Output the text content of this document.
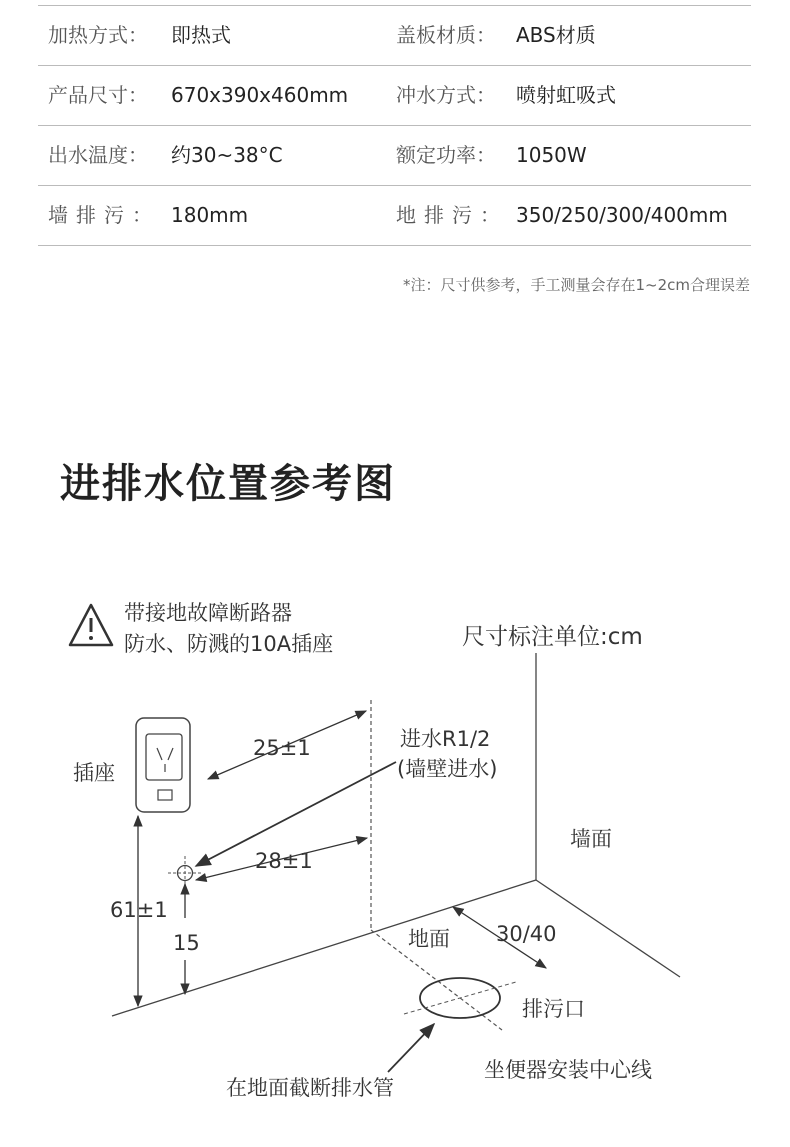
加热方式： 即热式	盖板材质： ABS材质
产品尺寸： 670x390x460mm 冲水方式： 喷射虹吸式
出水温度： 约30~38°C	额定功率： 1050W
墙排污： 180mm	地排污： 350/250/300/400mm
*注：尺寸供参考，手工测量会存在1~2cm合理误差
进排水位置参考图
带接地故障断路器
防水、防溅的10A插座	尺寸标注单位:cm
墙面
地面
插座
25±1	进水R1/2
(墙壁进水)
28±1
61±1
15	30/40
排污口
在地面截断排水管
坐便器安装中心线
